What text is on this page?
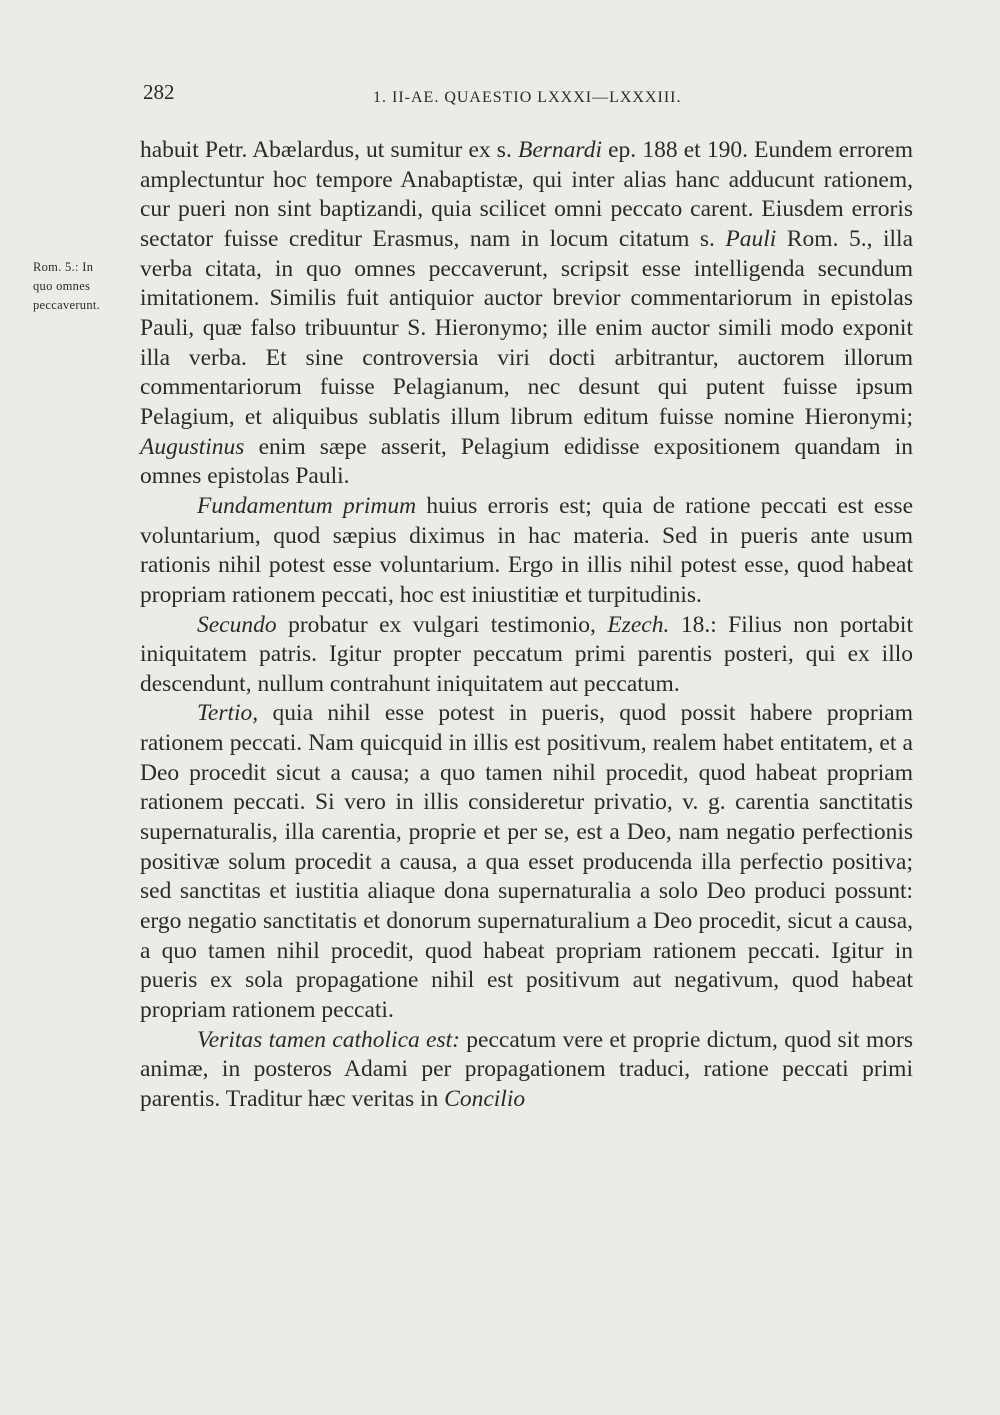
282	1. II-AE. QUAESTIO LXXXI—LXXXIII.
Rom. 5.: In
quo omnes
peccaverunt.

habuit Petr. Abælardus, ut sumitur ex s. Bernardi ep. 188 et 190. Eundem errorem amplectuntur hoc tempore Anabaptistæ, qui inter alias hanc adducunt rationem, cur pueri non sint baptizandi, quia scilicet omni peccato carent. Eiusdem erroris sectator fuisse creditur Erasmus, nam in locum citatum s. Pauli Rom. 5., illa verba citata, in quo omnes peccaverunt, scripsit esse intelligenda secundum imitationem. Similis fuit antiquior auctor brevior commentariorum in epistolas Pauli, quæ falso tribuuntur S. Hieronymo; ille enim auctor simili modo exponit illa verba. Et sine controversia viri docti arbitrantur, auctorem illorum commentariorum fuisse Pelagianum, nec desunt qui putent fuisse ipsum Pelagium, et aliquibus sublatis illum librum editum fuisse nomine Hieronymi; Augustinus enim sæpe asserit, Pelagium edidisse expositionem quandam in omnes epistolas Pauli.

Fundamentum primum huius erroris est; quia de ratione peccati est esse voluntarium, quod sæpius diximus in hac materia. Sed in pueris ante usum rationis nihil potest esse voluntarium. Ergo in illis nihil potest esse, quod habeat propriam rationem peccati, hoc est iniustitiæ et turpitudinis.

Secundo probatur ex vulgari testimonio, Ezech. 18.: Filius non portabit iniquitatem patris. Igitur propter peccatum primi parentis posteri, qui ex illo descendunt, nullum contrahunt iniquitatem aut peccatum.

Tertio, quia nihil esse potest in pueris, quod possit habere propriam rationem peccati. Nam quicquid in illis est positivum, realem habet entitatem, et a Deo procedit sicut a causa; a quo tamen nihil procedit, quod habeat propriam rationem peccati. Si vero in illis consideretur privatio, v. g. carentia sanctitatis supernaturalis, illa carentia, proprie et per se, est a Deo, nam negatio perfectionis positivæ solum procedit a causa, a qua esset producenda illa perfectio positiva; sed sanctitas et iustitia aliaque dona supernaturalia a solo Deo produci possunt: ergo negatio sanctitatis et donorum supernaturalium a Deo procedit, sicut a causa, a quo tamen nihil procedit, quod habeat propriam rationem peccati. Igitur in pueris ex sola propagatione nihil est positivum aut negativum, quod habeat propriam rationem peccati.

Veritas tamen catholica est: peccatum vere et proprie dictum, quod sit mors animæ, in posteros Adami per propagationem traduci, ratione peccati primi parentis. Traditur hæc veritas in Concilio
